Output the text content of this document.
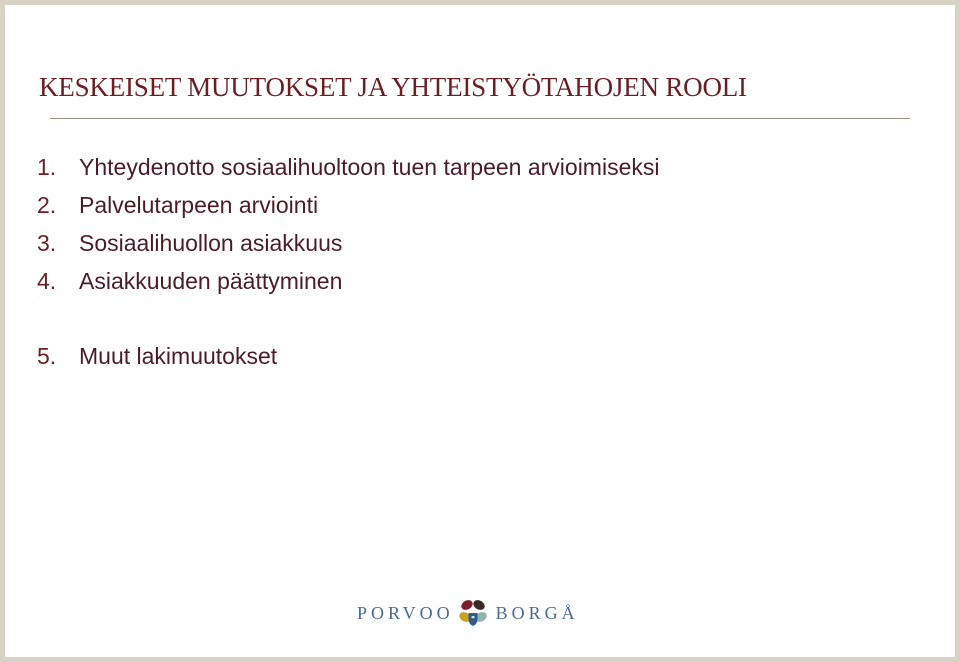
KESKEISET MUUTOKSET JA YHTEISTYÖTAHOJEN ROOLI
1. Yhteydenotto sosiaalihuoltoon tuen tarpeen arvioimiseksi
2. Palvelutarpeen arviointi
3. Sosiaalihuollon asiakkuus
4. Asiakkuuden päättyminen
5. Muut lakimuutokset
PORVOO BORGÅ
